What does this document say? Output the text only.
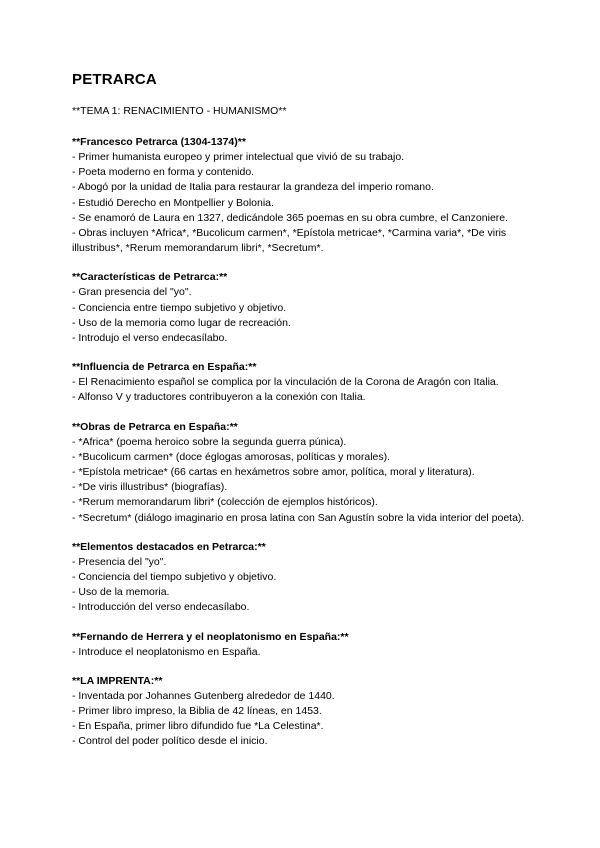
PETRARCA

**TEMA 1: RENACIMIENTO - HUMANISMO**

**Francesco Petrarca (1304-1374)**
- Primer humanista europeo y primer intelectual que vivió de su trabajo.
- Poeta moderno en forma y contenido.
- Abogó por la unidad de Italia para restaurar la grandeza del imperio romano.
- Estudió Derecho en Montpellier y Bolonia.
- Se enamoró de Laura en 1327, dedicándole 365 poemas en su obra cumbre, el Canzoniere.
- Obras incluyen *Africa*, *Bucolicum carmen*, *Epístola metricae*, *Carmina varia*, *De viris illustribus*, *Rerum memorandarum libri*, *Secretum*.
**Características de Petrarca:**
- Gran presencia del "yo".
- Conciencia entre tiempo subjetivo y objetivo.
- Uso de la memoria como lugar de recreación.
- Introdujo el verso endecasílabo.
**Influencia de Petrarca en España:**
- El Renacimiento español se complica por la vinculación de la Corona de Aragón con Italia.
- Alfonso V y traductores contribuyeron a la conexión con Italia.
**Obras de Petrarca en España:**
- *Africa* (poema heroico sobre la segunda guerra púnica).
- *Bucolicum carmen* (doce églogas amorosas, políticas y morales).
- *Epístola metricae* (66 cartas en hexámetros sobre amor, política, moral y literatura).
- *De viris illustribus* (biografías).
- *Rerum memorandarum libri* (colección de ejemplos históricos).
- *Secretum* (diálogo imaginario en prosa latina con San Agustín sobre la vida interior del poeta).
**Elementos destacados en Petrarca:**
- Presencia del "yo".
- Conciencia del tiempo subjetivo y objetivo.
- Uso de la memoria.
- Introducción del verso endecasílabo.
**Fernando de Herrera y el neoplatonismo en España:**
- Introduce el neoplatonismo en España.
**LA IMPRENTA:**
- Inventada por Johannes Gutenberg alrededor de 1440.
- Primer libro impreso, la Biblia de 42 líneas, en 1453.
- En España, primer libro difundido fue *La Celestina*.
- Control del poder político desde el inicio.
